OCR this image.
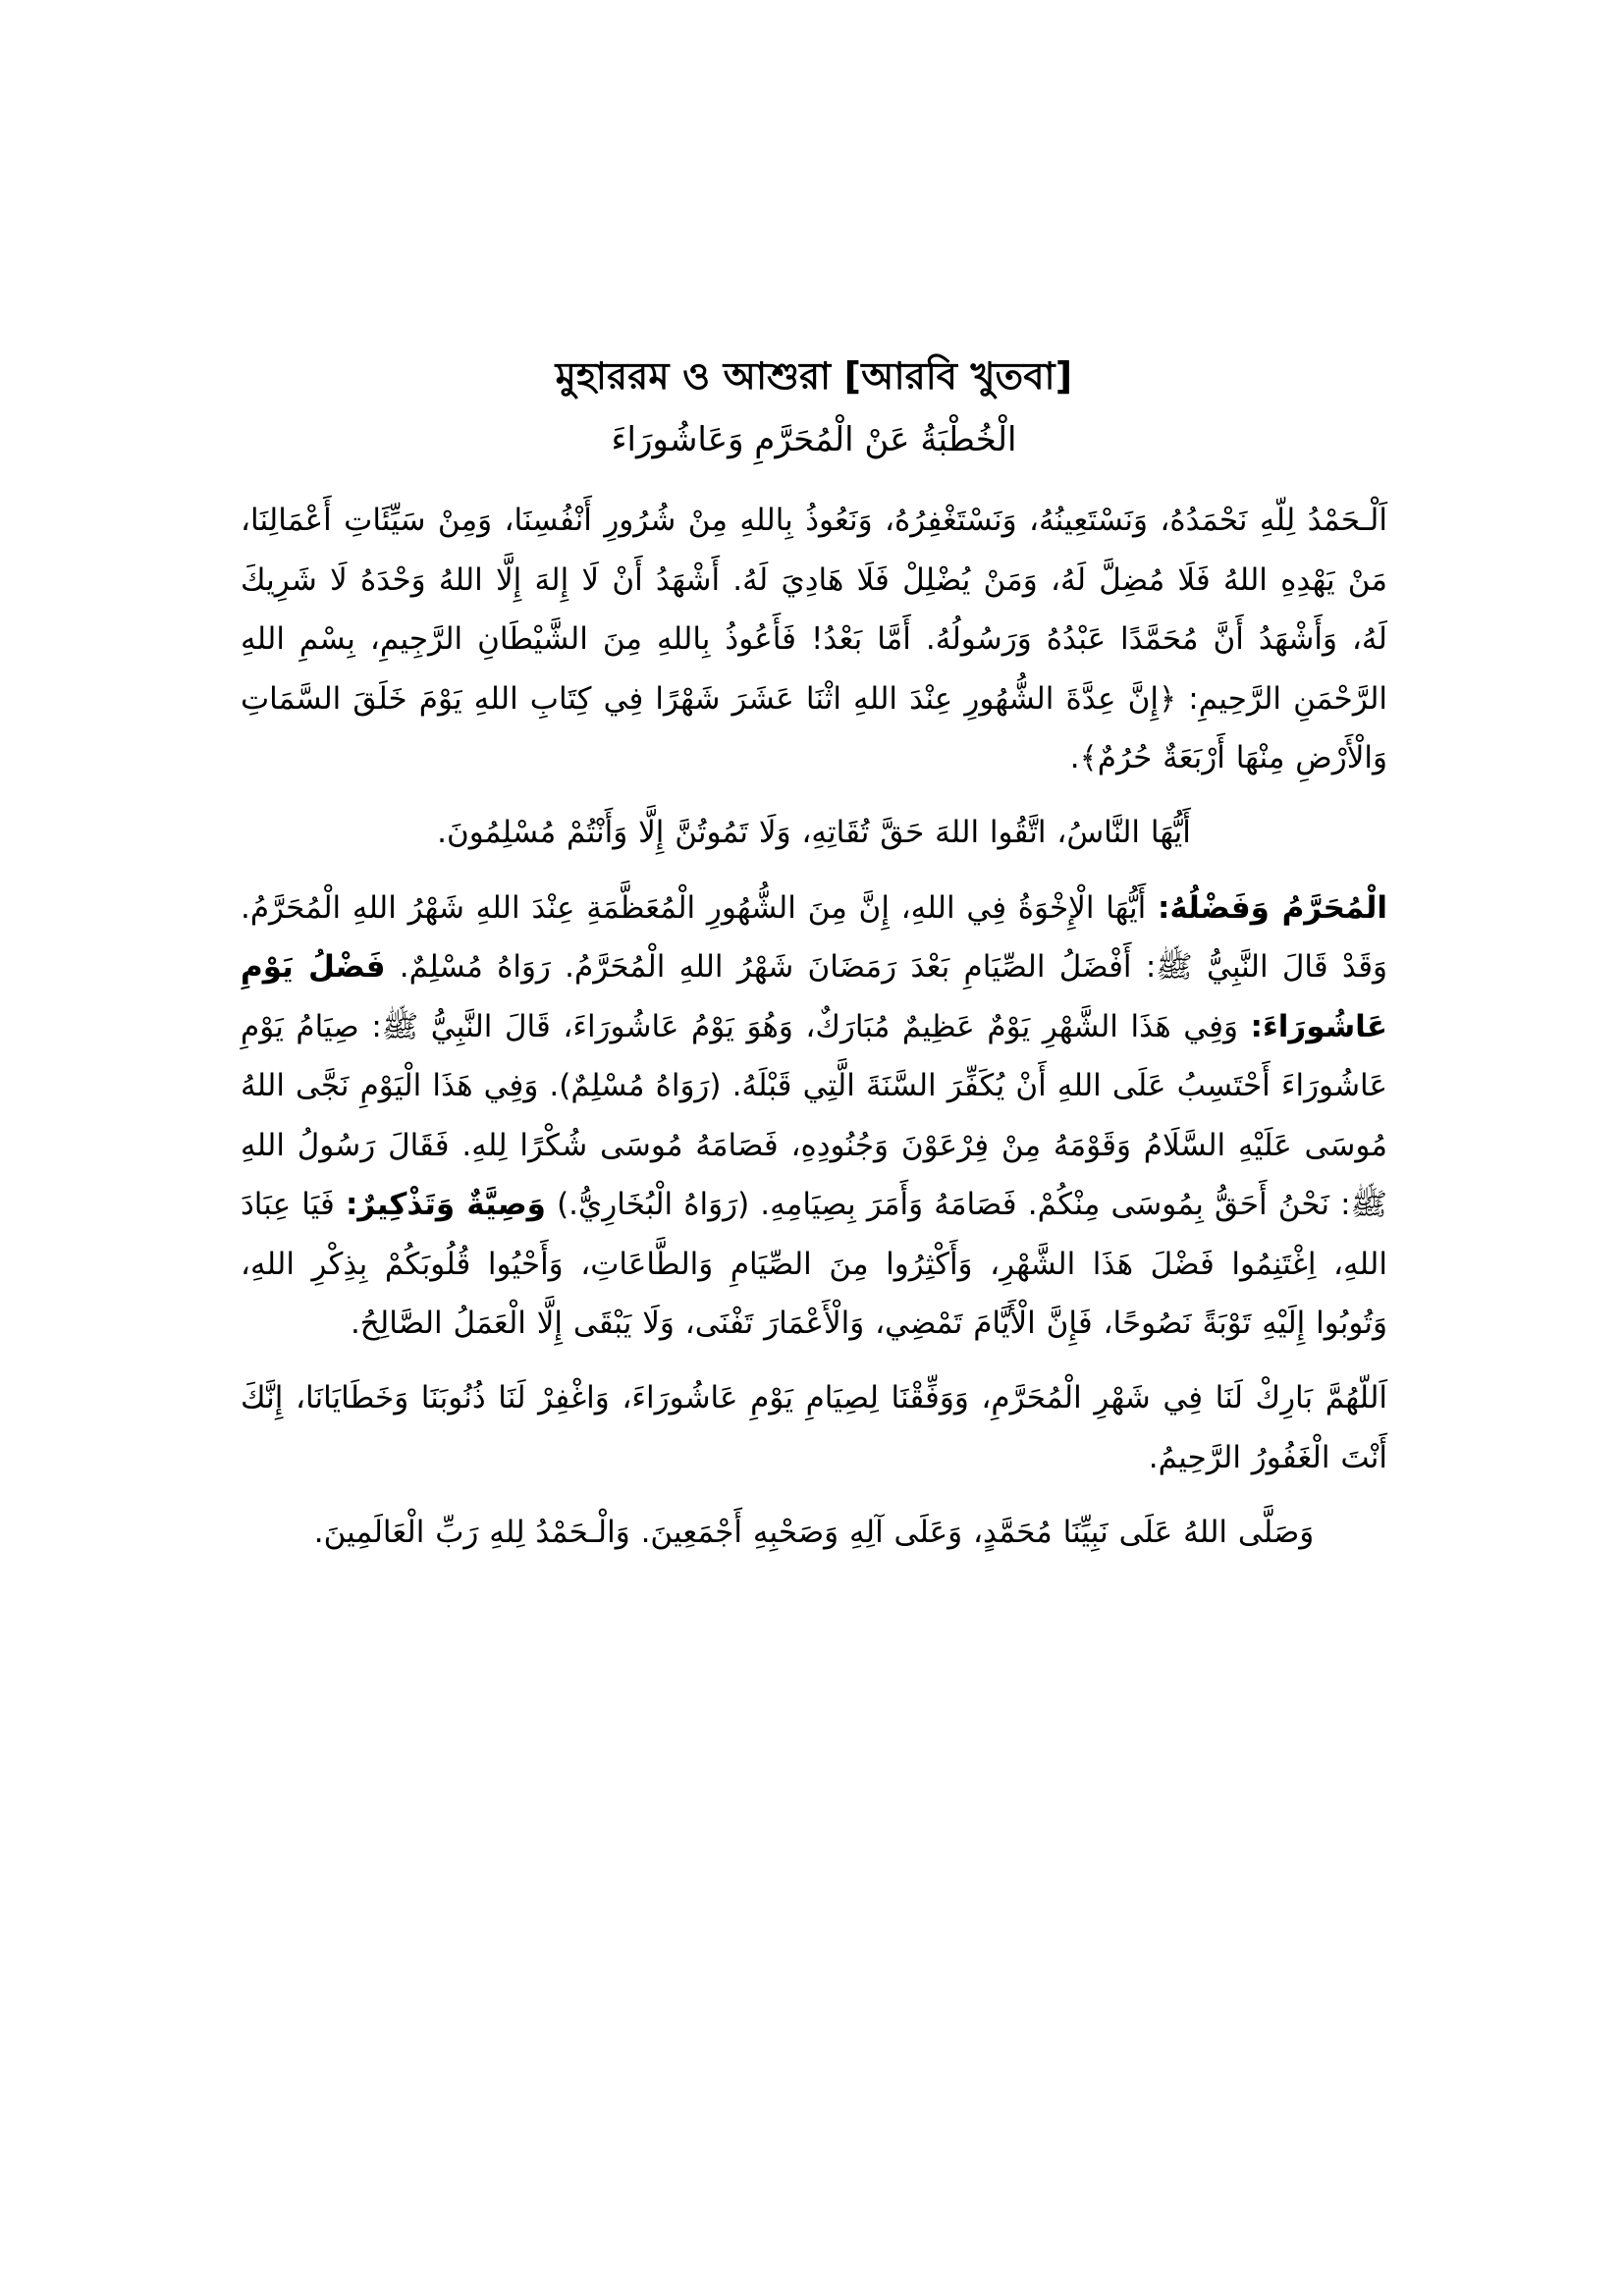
মুহাররম ও আশুরা [আরবি খুতবা]
الْخُطْبَةُ عَنْ الْمُحَرَّمِ وَعَاشُورَاءَ

اَلْـحَمْدُ لِلّهِ نَحْمَدُهُ، وَنَسْتَعِينُهُ، وَنَسْتَغْفِرُهُ، وَنَعُوذُ بِاللهِ مِنْ شُرُورِ أَنْفُسِنَا، وَمِنْ سَيِّئَاتِ أَعْمَالِنَا، مَنْ يَهْدِهِ اللهُ فَلَا مُضِلَّ لَهُ، وَمَنْ يُضْلِلْ فَلَا هَادِيَ لَهُ. أَشْهَدُ أَنْ لَا إِلهَ إِلَّا اللهُ وَحْدَهُ لَا شَرِيكَ لَهُ، وَأَشْهَدُ أَنَّ مُحَمَّدًا عَبْدُهُ وَرَسُولُهُ. أَمَّا بَعْدُ! فَأَعُوذُ بِاللهِ مِنَ الشَّيْطَانِ الرَّجِيمِ، بِسْمِ اللهِ الرَّحْمَنِ الرَّحِيمِ: ﴿إِنَّ عِدَّةَ الشُّهُورِ عِنْدَ اللهِ اثْنَا عَشَرَ شَهْرًا فِي كِتَابِ اللهِ يَوْمَ خَلَقَ السَّمَاتِ وَالْأَرْضِ مِنْهَا أَرْبَعَةٌ حُرُمٌ﴾.

أَيُّهَا النَّاسُ، اتَّقُوا اللهَ حَقَّ تُقَاتِهِ، وَلَا تَمُوتُنَّ إِلَّا وَأَنْتُمْ مُسْلِمُونَ.

الْمُحَرَّمُ وَفَضْلُهُ: أَيُّهَا الْإِخْوَةُ فِي اللهِ، إِنَّ مِنَ الشُّهُورِ الْمُعَظَّمَةِ عِنْدَ اللهِ شَهْرُ اللهِ الْمُحَرَّمُ. وَقَدْ قَالَ النَّبِيُّ ﷺ: أَفْضَلُ الصِّيَامِ بَعْدَ رَمَضَانَ شَهْرُ اللهِ الْمُحَرَّمُ. رَوَاهُ مُسْلِمٌ. فَضْلُ يَوْمِ عَاشُورَاءَ: وَفِي هَذَا الشَّهْرِ يَوْمٌ عَظِيمٌ مُبَارَكٌ، وَهُوَ يَوْمُ عَاشُورَاءَ، قَالَ النَّبِيُّ ﷺ: صِيَامُ يَوْمِ عَاشُورَاءَ أَحْتَسِبُ عَلَى اللهِ أَنْ يُكَفِّرَ السَّنَةَ الَّتِي قَبْلَهُ. (رَوَاهُ مُسْلِمٌ). وَفِي هَذَا الْيَوْمِ نَجَّى اللهُ مُوسَى عَلَيْهِ السَّلَامُ وَقَوْمَهُ مِنْ فِرْعَوْنَ وَجُنُودِهِ، فَصَامَهُ مُوسَى شُكْرًا لِلهِ. فَقَالَ رَسُولُ اللهِ ﷺ: نَحْنُ أَحَقُّ بِمُوسَى مِنْكُمْ. فَصَامَهُ وَأَمَرَ بِصِيَامِهِ. (رَوَاهُ الْبُخَارِيُّ.) وَصِيَّةٌ وَتَذْكِيرٌ: فَيَا عِبَادَ اللهِ، اِغْتَنِمُوا فَضْلَ هَذَا الشَّهْرِ، وَأَكْثِرُوا مِنَ الصِّيَامِ وَالطَّاعَاتِ، وَأَحْيُوا قُلُوبَكُمْ بِذِكْرِ اللهِ، وَتُوبُوا إِلَيْهِ تَوْبَةً نَصُوحًا، فَإِنَّ الْأَيَّامَ تَمْضِي، وَالْأَعْمَارَ تَفْنَى، وَلَا يَبْقَى إِلَّا الْعَمَلُ الصَّالِحُ.

اَللّهُمَّ بَارِكْ لَنَا فِي شَهْرِ الْمُحَرَّمِ، وَوَفِّقْنَا لِصِيَامِ يَوْمِ عَاشُورَاءَ، وَاغْفِرْ لَنَا ذُنُوبَنَا وَخَطَايَانَا، إِنَّكَ أَنْتَ الْغَفُورُ الرَّحِيمُ.

وَصَلَّى اللهُ عَلَى نَبِيِّنَا مُحَمَّدٍ، وَعَلَى آلِهِ وَصَحْبِهِ أَجْمَعِينَ. وَالْـحَمْدُ لِلهِ رَبِّ الْعَالَمِينَ.
